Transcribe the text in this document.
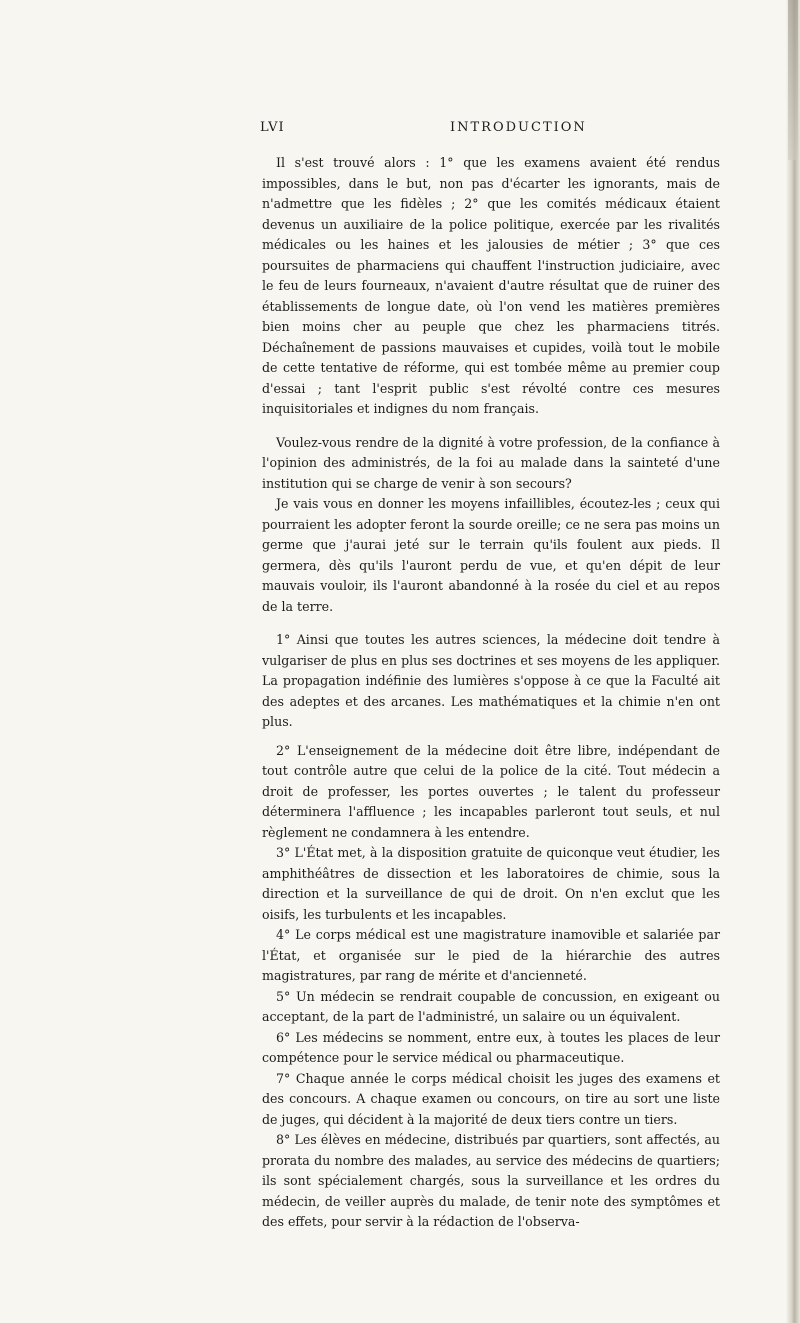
LVI	INTRODUCTION

Il s'est trouvé alors : 1° que les examens avaient été rendus impossibles, dans le but, non pas d'écarter les ignorants, mais de n'admettre que les fidèles ; 2° que les comités médicaux étaient devenus un auxiliaire de la police politique, exercée par les rivalités médicales ou les haines et les jalousies de métier ; 3° que ces poursuites de pharmaciens qui chauffent l'instruction judiciaire, avec le feu de leurs fourneaux, n'avaient d'autre résultat que de ruiner des établissements de longue date, où l'on vend les matières premières bien moins cher au peuple que chez les pharmaciens titrés. Déchaînement de passions mauvaises et cupides, voilà tout le mobile de cette tentative de réforme, qui est tombée même au premier coup d'essai ; tant l'esprit public s'est révolté contre ces mesures inquisitoriales et indignes du nom français.

Voulez-vous rendre de la dignité à votre profession, de la confiance à l'opinion des administrés, de la foi au malade dans la sainteté d'une institution qui se charge de venir à son secours?

Je vais vous en donner les moyens infaillibles, écoutez-les ; ceux qui pourraient les adopter feront la sourde oreille; ce ne sera pas moins un germe que j'aurai jeté sur le terrain qu'ils foulent aux pieds. Il germera, dès qu'ils l'auront perdu de vue, et qu'en dépit de leur mauvais vouloir, ils l'auront abandonné à la rosée du ciel et au repos de la terre.

1° Ainsi que toutes les autres sciences, la médecine doit tendre à vulgariser de plus en plus ses doctrines et ses moyens de les appliquer. La propagation indéfinie des lumières s'oppose à ce que la Faculté ait des adeptes et des arcanes. Les mathématiques et la chimie n'en ont plus.

2° L'enseignement de la médecine doit être libre, indépendant de tout contrôle autre que celui de la police de la cité. Tout médecin a droit de professer, les portes ouvertes ; le talent du professeur déterminera l'affluence ; les incapables parleront tout seuls, et nul règlement ne condamnera à les entendre.

3° L'État met, à la disposition gratuite de quiconque veut étudier, les amphithéâtres de dissection et les laboratoires de chimie, sous la direction et la surveillance de qui de droit. On n'en exclut que les oisifs, les turbulents et les incapables.

4° Le corps médical est une magistrature inamovible et salariée par l'État, et organisée sur le pied de la hiérarchie des autres magistratures, par rang de mérite et d'ancienneté.

5° Un médecin se rendrait coupable de concussion, en exigeant ou acceptant, de la part de l'administré, un salaire ou un équivalent.

6° Les médecins se nomment, entre eux, à toutes les places de leur compétence pour le service médical ou pharmaceutique.

7° Chaque année le corps médical choisit les juges des examens et des concours. A chaque examen ou concours, on tire au sort une liste de juges, qui décident à la majorité de deux tiers contre un tiers.

8° Les élèves en médecine, distribués par quartiers, sont affectés, au prorata du nombre des malades, au service des médecins de quartiers; ils sont spécialement chargés, sous la surveillance et les ordres du médecin, de veiller auprès du malade, de tenir note des symptômes et des effets, pour servir à la rédaction de l'observa-
